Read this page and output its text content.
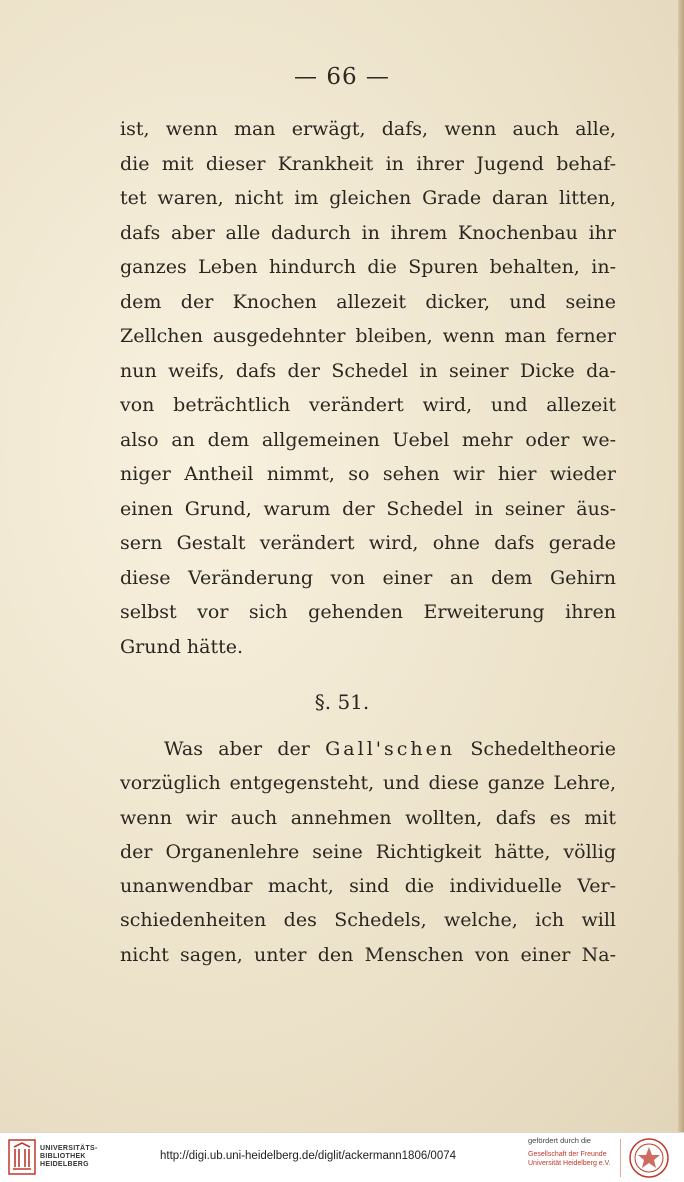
— 66 —
ist, wenn man erwägt, dafs, wenn auch alle,
die mit dieser Krankheit in ihrer Jugend behaf-
tet waren, nicht im gleichen Grade daran litten,
dafs aber alle dadurch in ihrem Knochenbau ihr
ganzes Leben hindurch die Spuren behalten, in-
dem der Knochen allezeit dicker, und seine
Zellchen ausgedehnter bleiben, wenn man ferner
nun weifs, dafs der Schedel in seiner Dicke da-
von beträchtlich verändert wird, und allezeit
also an dem allgemeinen Uebel mehr oder we-
niger Antheil nimmt, so sehen wir hier wieder
einen Grund, warum der Schedel in seiner äus-
sern Gestalt verändert wird, ohne dafs gerade
diese Veränderung von einer an dem Gehirn
selbst vor sich gehenden Erweiterung ihren
Grund hätte.
§. 51.
Was aber der Gall'schen Schedeltheorie
vorzüglich entgegensteht, und diese ganze Lehre,
wenn wir auch annehmen wollten, dafs es mit
der Organenlehre seine Richtigkeit hätte, völlig
unanwendbar macht, sind die individuelle Ver-
schiedenheiten des Schedels, welche, ich will
nicht sagen, unter den Menschen von einer Na-
UNIVERSITÄTS-
BIBLIOTHEK
HEIDELBERG
http://digi.ub.uni-heidelberg.de/diglit/ackermann1806/0074
gefördert durch die
Gesellschaft der Freunde
Universität Heidelberg e.V.
